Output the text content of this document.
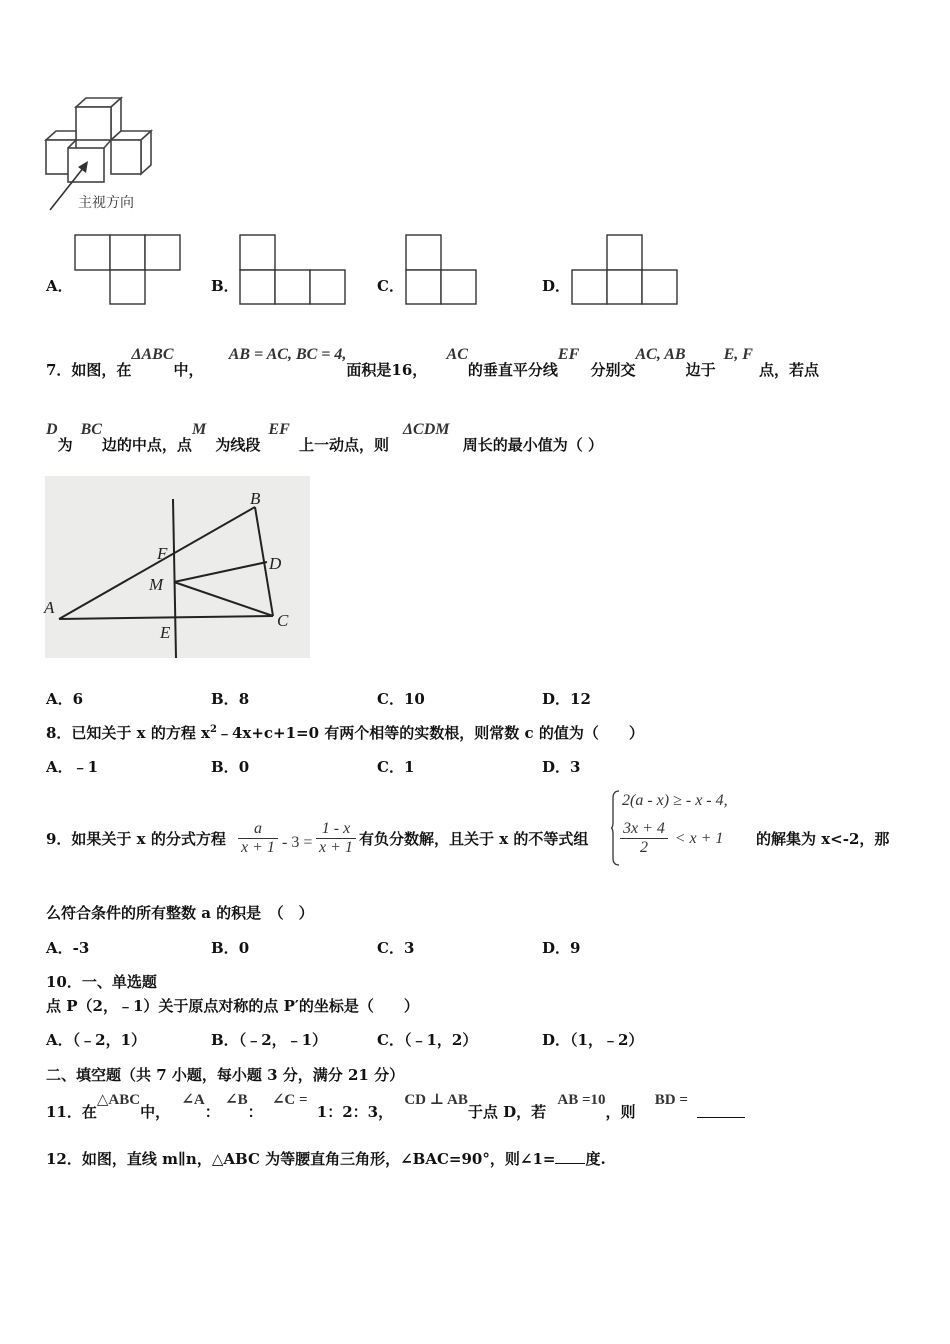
主视方向
A．	B．	C．	D．
7．如图，在ΔABC中， AB = AC, BC = 4,面积是16， AC的垂直平分线EF 分别交AC, AB边于E, F点，若点
D为BC边的中点，点M 为线段EF 上一动点，则ΔCDM 周长的最小值为（ ）
A
B
C
D
E
F
M
A．6	B．8	C．10	D．12
8．已知关于 x 的方程 $x^2﹣4x+c+1=0$ 有两个相等的实数根，则常数 c 的值为（　　）
A．﹣1	B．0	C．1	D．3
9．如果关于 x 的分式方程 $\frac{a}{x + 1} - 3 = \frac{1 - x}{x + 1}$ 有负分数解，且关于 x 的不等式组
2(a - x) ≥ - x - 4,
$\frac{3x + 4}{2} < x + 1$ 的解集为 x<-2，那
么符合条件的所有整数 a 的积是　（　）
A．-3	B．0	C．3	D．9
10．一、单选题
点 P（2，﹣1）关于原点对称的点 P′的坐标是（　　）
A．（﹣2，1）	B．（﹣2，﹣1）	C．（﹣1，2）	D．（1，﹣2）
二、填空题（共 7 小题，每小题 3 分，满分 21 分）
11．在△ABC中， ∠A： ∠B： ∠C = 1：2：3， CD ⊥ AB于点 D，若 AB =10，则 BD =
12．如图，直线 m∥n，△ABC 为等腰直角三角形，∠BAC=90°，则∠1= 度.
